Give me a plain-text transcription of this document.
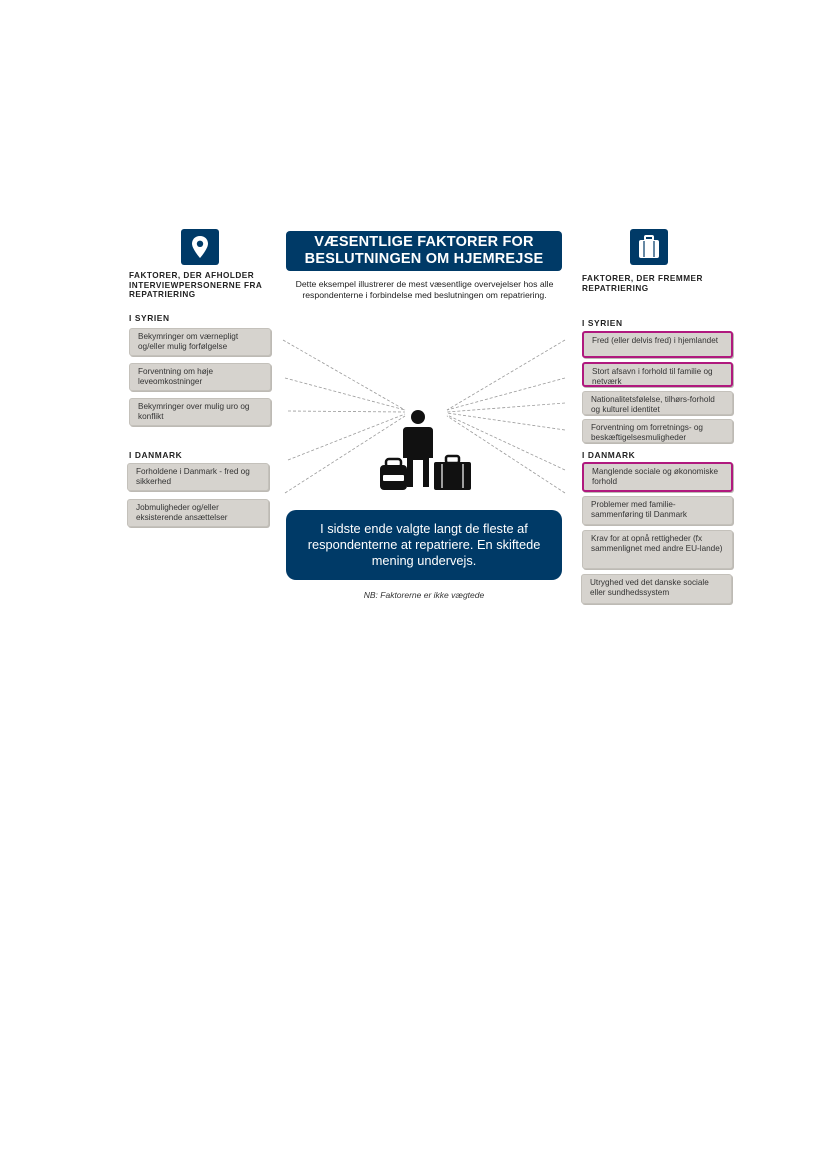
FAKTORER, DER AFHOLDER INTERVIEWPERSONERNE FRA REPATRIERING
I SYRIEN
Bekymringer om værnepligt og/eller mulig forfølgelse
Forventning om høje leveomkostninger
Bekymringer over mulig uro og konflikt
I DANMARK
Forholdene i Danmark - fred og sikkerhed
Jobmuligheder og/eller eksisterende ansættelser
VÆSENTLIGE FAKTORER FOR
BESLUTNINGEN OM HJEMREJSE
Dette eksempel illustrerer de mest væsentlige overvejelser hos alle respondenterne i forbindelse med beslutningen om repatriering.
I sidste ende valgte langt de fleste af respondenterne at repatriere. En skiftede mening undervejs.
NB: Faktorerne er ikke vægtede
FAKTORER, DER FREMMER REPATRIERING
I SYRIEN
Fred (eller delvis fred) i hjemlandet
Stort afsavn i forhold til familie og netværk
Nationalitetsfølelse, tilhørs-forhold og kulturel identitet
Forventning om forretnings- og beskæftigelsesmuligheder
I DANMARK
Manglende sociale og økonomiske forhold
Problemer med familie-sammenføring til Danmark
Krav for at opnå rettigheder (fx sammenlignet med andre EU-lande)
Utryghed ved det danske sociale eller sundhedssystem
